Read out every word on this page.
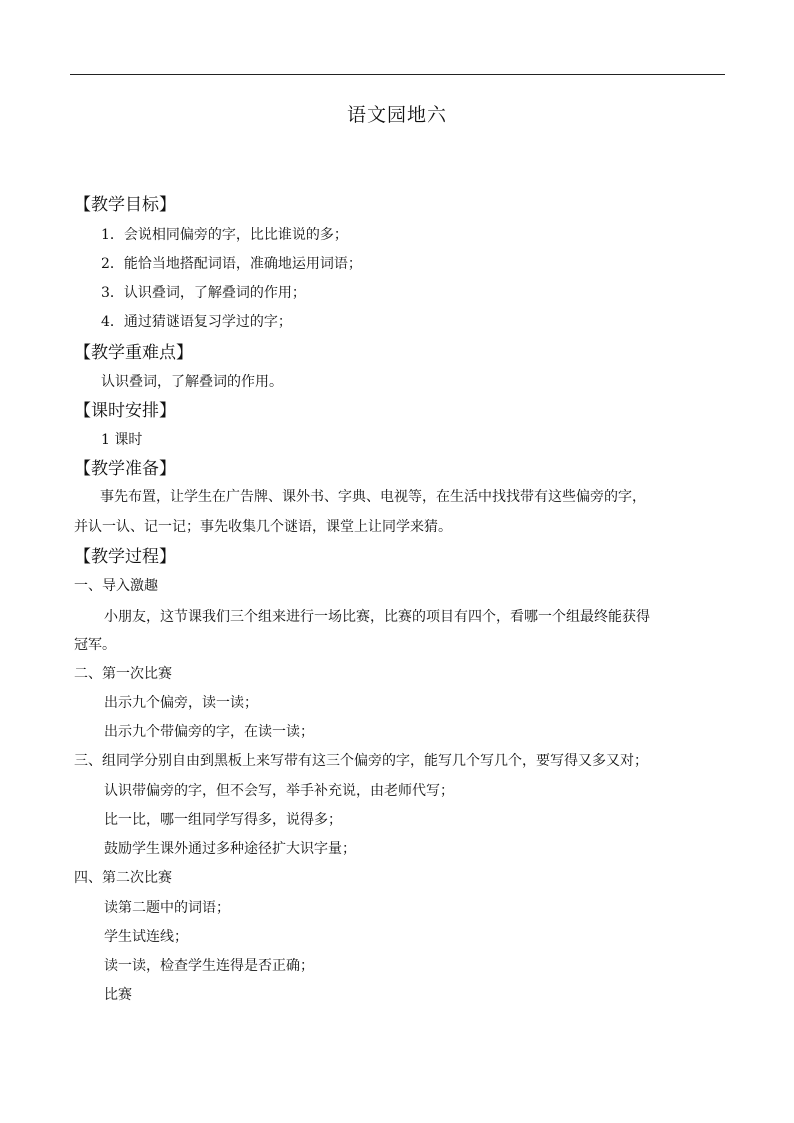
语文园地六
【教学目标】
1．会说相同偏旁的字，比比谁说的多；
2．能恰当地搭配词语，准确地运用词语；
3．认识叠词，了解叠词的作用；
4．通过猜谜语复习学过的字；
【教学重难点】
认识叠词，了解叠词的作用。
【课时安排】
1 课时
【教学准备】
事先布置，让学生在广告牌、课外书、字典、电视等，在生活中找找带有这些偏旁的字，
并认一认、记一记；事先收集几个谜语，课堂上让同学来猜。
【教学过程】
一、导入激趣
小朋友，这节课我们三个组来进行一场比赛，比赛的项目有四个，看哪一个组最终能获得
冠军。
二、第一次比赛
出示九个偏旁，读一读；
出示九个带偏旁的字，在读一读；
三、组同学分别自由到黑板上来写带有这三个偏旁的字，能写几个写几个，要写得又多又对；
认识带偏旁的字，但不会写，举手补充说，由老师代写；
比一比，哪一组同学写得多，说得多；
鼓励学生课外通过多种途径扩大识字量；
四、第二次比赛
读第二题中的词语；
学生试连线；
读一读，检查学生连得是否正确；
比赛
